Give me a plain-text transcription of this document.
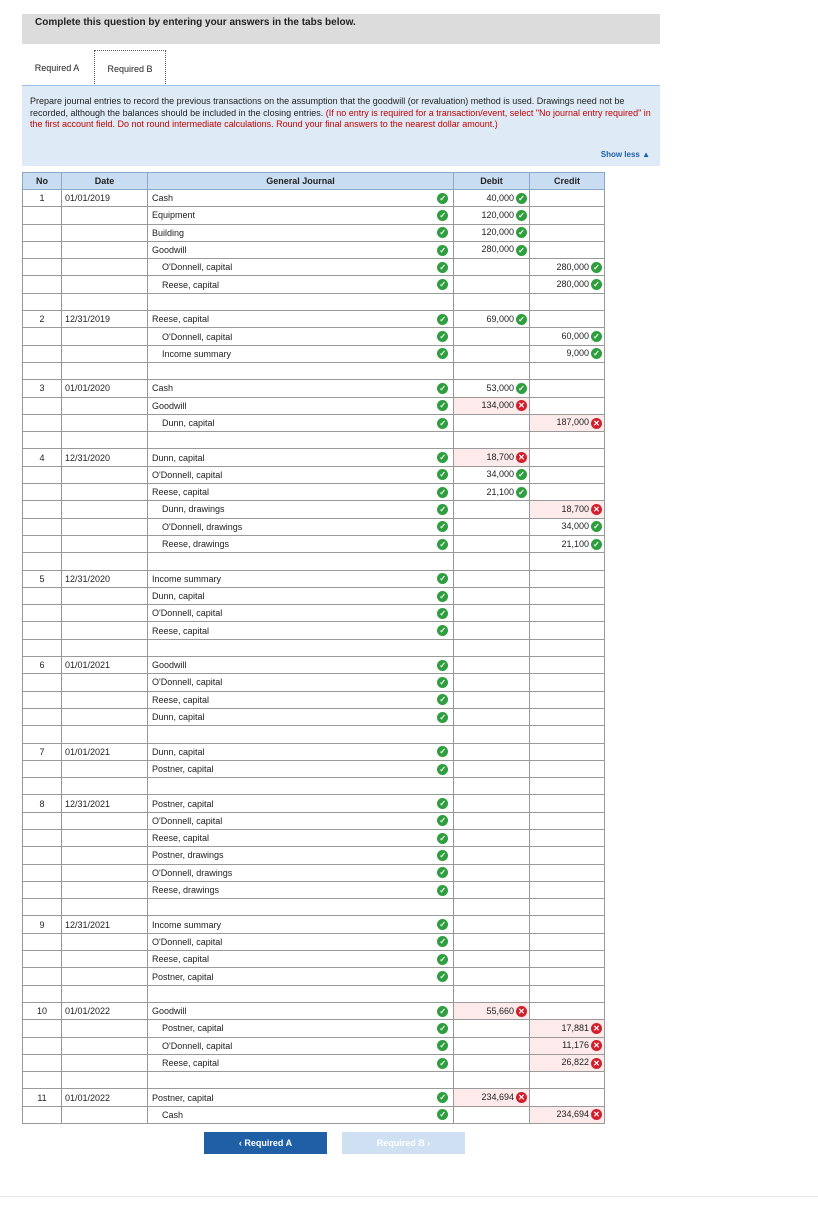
Complete this question by entering your answers in the tabs below.
Required A	Required B
Prepare journal entries to record the previous transactions on the assumption that the goodwill (or revaluation) method is used. Drawings need not be recorded, although the balances should be included in the closing entries. (If no entry is required for a transaction/event, select "No journal entry required" in the first account field. Do not round intermediate calculations. Round your final answers to the nearest dollar amount.)
Show less ▲
No	Date	General Journal		Debit	Credit
1	01/01/2019	Cash	✓	40,000 ✓	
		Equipment	✓	120,000 ✓	
		Building	✓	120,000 ✓	
		Goodwill	✓	280,000 ✓	
		O'Donnell, capital	✓		280,000 ✓
		Reese, capital	✓		280,000 ✓

2	12/31/2019	Reese, capital	✓	69,000 ✓	
		O'Donnell, capital	✓		60,000 ✓
		Income summary	✓		9,000 ✓

3	01/01/2020	Cash	✓	53,000 ✓	
		Goodwill	✓	134,000 ✕	
		Dunn, capital	✓		187,000 ✕

4	12/31/2020	Dunn, capital	✓	18,700 ✕	
		O'Donnell, capital	✓	34,000 ✓	
		Reese, capital	✓	21,100 ✓	
		Dunn, drawings	✓		18,700 ✕
		O'Donnell, drawings	✓		34,000 ✓
		Reese, drawings	✓		21,100 ✓

5	12/31/2020	Income summary	✓		
		Dunn, capital	✓		
		O'Donnell, capital	✓		
		Reese, capital	✓		

6	01/01/2021	Goodwill	✓		
		O'Donnell, capital	✓		
		Reese, capital	✓		
		Dunn, capital	✓		

7	01/01/2021	Dunn, capital	✓		
		Postner, capital	✓		

8	12/31/2021	Postner, capital	✓		
		O'Donnell, capital	✓		
		Reese, capital	✓		
		Postner, drawings	✓		
		O'Donnell, drawings	✓		
		Reese, drawings	✓		

9	12/31/2021	Income summary	✓		
		O'Donnell, capital	✓		
		Reese, capital	✓		
		Postner, capital	✓		

10	01/01/2022	Goodwill	✓	55,660 ✕	
		Postner, capital	✓		17,881 ✕
		O'Donnell, capital	✓		11,176 ✕
		Reese, capital	✓		26,822 ✕

11	01/01/2022	Postner, capital	✓	234,694 ✕	
		Cash	✓		234,694 ✕
‹ Required A	Required B ›
